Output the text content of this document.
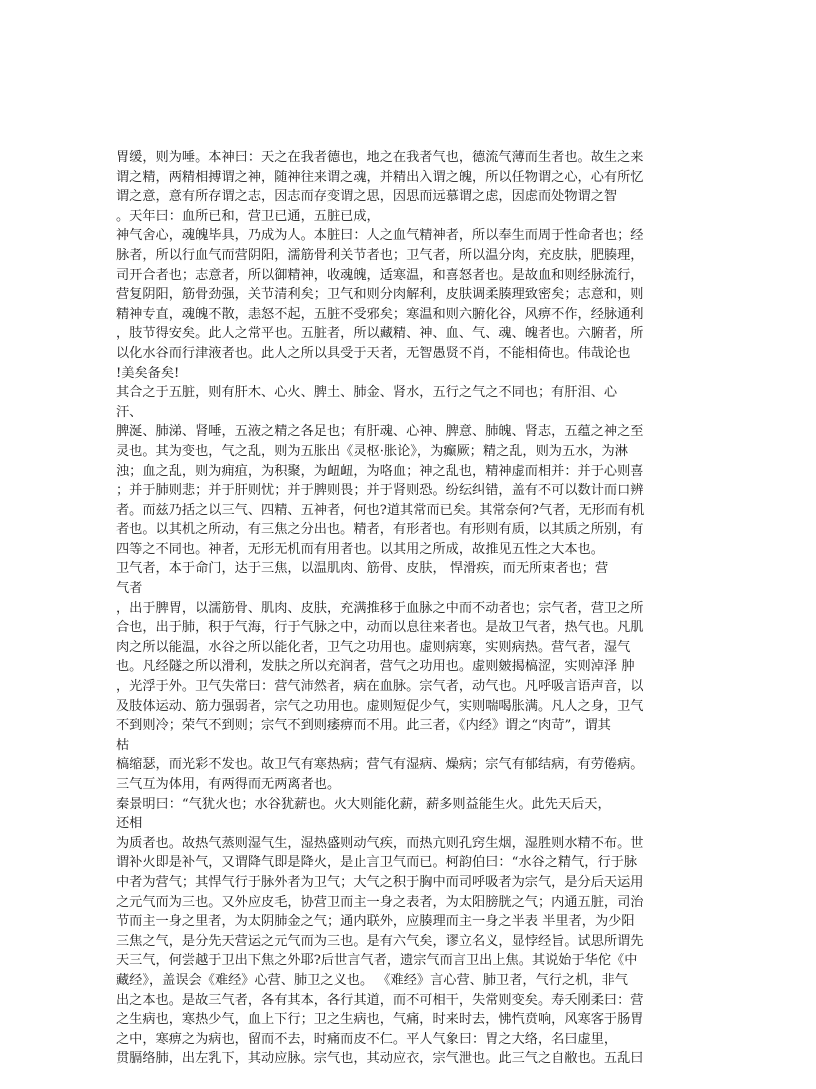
胃缓，则为唾。本神曰：天之在我者德也，地之在我者气也，德流气薄而生者也。故生之来
谓之精，两精相搏谓之神，随神往来谓之魂，并精出入谓之魄，所以任物谓之心，心有所忆
谓之意，意有所存谓之志，因志而存变谓之思，因思而远慕谓之虑，因虑而处物谓之智
。天年曰：血所已和，营卫已通，五脏已成，
神气舍心，魂魄毕具，乃成为人。本脏曰：人之血气精神者，所以奉生而周于性命者也；经
脉者，所以行血气而营阴阳，濡筋骨利关节者也；卫气者，所以温分肉，充皮肤，肥腠理，
司开合者也；志意者，所以御精神，收魂魄，适寒温，和喜怒者也。是故血和则经脉流行，
营复阴阳，筋骨劲强，关节清利矣；卫气和则分肉解利，皮肤调柔腠理致密矣；志意和，则
精神专直，魂魄不散，恚怒不起，五脏不受邪矣；寒温和则六腑化谷，风痹不作，经脉通利
，肢节得安矣。此人之常平也。五脏者，所以藏精、神、血、气、魂、魄者也。六腑者，所
以化水谷而行津液者也。此人之所以具受于天者，无智愚贤不肖，不能相倚也。伟哉论也
!美矣备矣!
其合之于五脏，则有肝木、心火、脾土、肺金、肾水，五行之气之不同也；有肝泪、心
汗、
脾涎、肺涕、肾唾，五液之精之各足也；有肝魂、心神、脾意、肺魄、肾志，五蕴之神之至
灵也。其为变也，气之乱，则为五胀出《灵枢·胀论》，为癫厥；精之乱，则为五水，为淋
浊；血之乱，则为痈疽，为积聚，为衄衄，为咯血；神之乱也，精神虚而相并：并于心则喜
；并于肺则悲；并于肝则忧；并于脾则畏；并于肾则恐。纷纭纠错，盖有不可以数计而口辨
者。而兹乃括之以三气、四精、五神者，何也?道其常而已矣。其常奈何?气者，无形而有机
者也。以其机之所动，有三焦之分出也。精者，有形者也。有形则有质，以其质之所别，有
四等之不同也。神者，无形无机而有用者也。以其用之所成，故推见五性之大本也。
卫气者，本于命门，达于三焦，以温肌肉、筋骨、皮肤， 悍滑疾，而无所束者也；营
气者
，出于脾胃，以濡筋骨、肌肉、皮肤，充满推移于血脉之中而不动者也；宗气者，营卫之所
合也，出于肺，积于气海，行于气脉之中，动而以息往来者也。是故卫气者，热气也。凡肌
肉之所以能温，水谷之所以能化者，卫气之功用也。虚则病寒，实则病热。营气者，湿气
也。凡经隧之所以滑利，发肤之所以充润者，营气之功用也。虚则皴揭槁涩，实则淖泽 肿
，光浮于外。卫气失常曰：营气沛然者，病在血脉。宗气者，动气也。凡呼吸言语声音，以
及肢体运动、筋力强弱者，宗气之功用也。虚则短促少气，实则喘喝胀满。凡人之身，卫气
不到则冷；荣气不到则；宗气不到则痿痹而不用。此三者，《内经》谓之“肉苛”，谓其
枯
槁缩瑟，而光彩不发也。故卫气有寒热病；营气有湿病、燥病；宗气有郁结病，有劳倦病。
三气互为体用，有两得而无两离者也。
秦景明曰：“气犹火也；水谷犹薪也。火大则能化薪，薪多则益能生火。此先天后天，
还相
为质者也。故热气蒸则湿气生，湿热盛则动气疾，而热亢则孔窍生烟，湿胜则水精不布。世
谓补火即是补气，又谓降气即是降火，是止言卫气而已。柯韵伯曰：“水谷之精气，行于脉
中者为营气；其悍气行于脉外者为卫气；大气之积于胸中而司呼吸者为宗气，是分后天运用
之元气而为三也。又外应皮毛，协营卫而主一身之表者，为太阳膀胱之气；内通五脏，司治
节而主一身之里者，为太阴肺金之气；通内联外，应腠理而主一身之半表 半里者，为少阳
三焦之气，是分先天营运之元气而为三也。是有六气矣，谬立名义，显悖经旨。试思所谓先
天三气，何尝越于卫出下焦之外耶?后世言气者，遗宗气而言卫出上焦。其说始于华佗《中
藏经》，盖误会《难经》心营、肺卫之义也。 《难经》言心营、肺卫者，气行之机，非气
出之本也。是故三气者，各有其本，各行其道，而不可相干，失常则变矣。寿夭刚柔曰：营
之生病也，寒热少气，血上下行；卫之生病也，气痛，时来时去，怫忾贲响，风寒客于肠胃
之中，寒痹之为病也，留而不去，时痛而皮不仁。平人气象曰：胃之大络，名曰虚里，
贯膈络肺，出左乳下，其动应脉。宗气也，其动应衣，宗气泄也。此三气之自敝也。五乱曰
